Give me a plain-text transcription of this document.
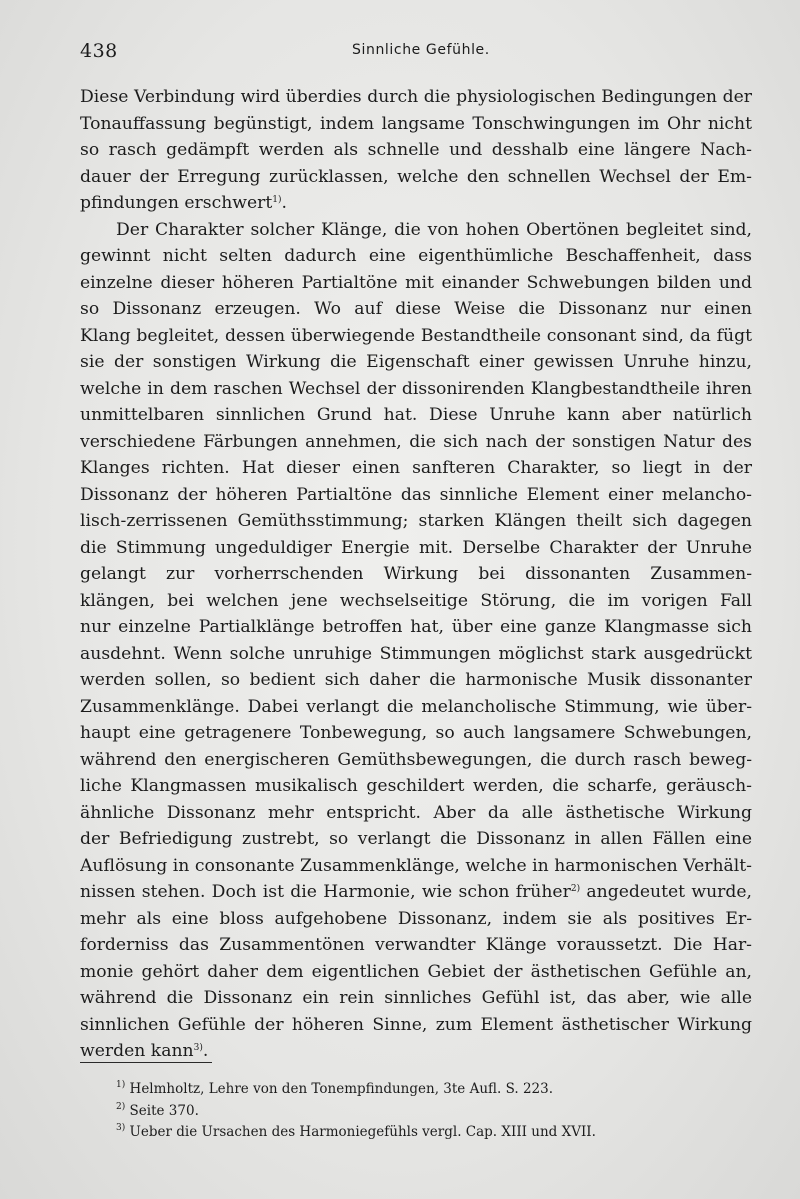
438	Sinnliche Gefühle.
Diese Verbindung wird überdies durch die physiologischen Bedingungen der
Tonauffassung begünstigt, indem langsame Tonschwingungen im Ohr nicht
so rasch gedämpft werden als schnelle und desshalb eine längere Nach-
dauer der Erregung zurücklassen, welche den schnellen Wechsel der Em-
pfindungen erschwert$^{1)}$.
Der Charakter solcher Klänge, die von hohen Obertönen begleitet sind,
gewinnt nicht selten dadurch eine eigenthümliche Beschaffenheit, dass
einzelne dieser höheren Partialtöne mit einander Schwebungen bilden und
so Dissonanz erzeugen. Wo auf diese Weise die Dissonanz nur einen
Klang begleitet, dessen überwiegende Bestandtheile consonant sind, da fügt
sie der sonstigen Wirkung die Eigenschaft einer gewissen Unruhe hinzu,
welche in dem raschen Wechsel der dissonirenden Klangbestandtheile ihren
unmittelbaren sinnlichen Grund hat. Diese Unruhe kann aber natürlich
verschiedene Färbungen annehmen, die sich nach der sonstigen Natur des
Klanges richten. Hat dieser einen sanfteren Charakter, so liegt in der
Dissonanz der höheren Partialtöne das sinnliche Element einer melancho-
lisch-zerrissenen Gemüthsstimmung; starken Klängen theilt sich dagegen
die Stimmung ungeduldiger Energie mit. Derselbe Charakter der Unruhe
gelangt zur vorherrschenden Wirkung bei dissonanten Zusammen-
klängen, bei welchen jene wechselseitige Störung, die im vorigen Fall
nur einzelne Partialklänge betroffen hat, über eine ganze Klangmasse sich
ausdehnt. Wenn solche unruhige Stimmungen möglichst stark ausgedrückt
werden sollen, so bedient sich daher die harmonische Musik dissonanter
Zusammenklänge. Dabei verlangt die melancholische Stimmung, wie über-
haupt eine getragenere Tonbewegung, so auch langsamere Schwebungen,
während den energischeren Gemüthsbewegungen, die durch rasch beweg-
liche Klangmassen musikalisch geschildert werden, die scharfe, geräusch-
ähnliche Dissonanz mehr entspricht. Aber da alle ästhetische Wirkung
der Befriedigung zustrebt, so verlangt die Dissonanz in allen Fällen eine
Auflösung in consonante Zusammenklänge, welche in harmonischen Verhält-
nissen stehen. Doch ist die Harmonie, wie schon früher$^{2)}$ angedeutet wurde,
mehr als eine bloss aufgehobene Dissonanz, indem sie als positives Er-
forderniss das Zusammentönen verwandter Klänge voraussetzt. Die Har-
monie gehört daher dem eigentlichen Gebiet der ästhetischen Gefühle an,
während die Dissonanz ein rein sinnliches Gefühl ist, das aber, wie alle
sinnlichen Gefühle der höheren Sinne, zum Element ästhetischer Wirkung
werden kann$^{3)}$.
$^{1)}$ Helmholtz, Lehre von den Tonempfindungen, 3te Aufl. S. 223.
$^{2)}$ Seite 370.
$^{3)}$ Ueber die Ursachen des Harmoniegefühls vergl. Cap. XIII und XVII.
